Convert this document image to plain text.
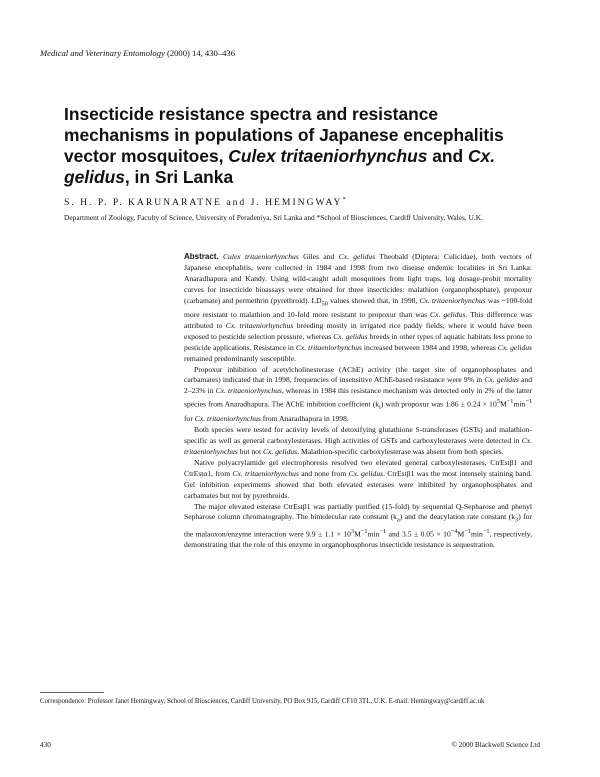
Medical and Veterinary Entomology (2000) 14, 430–436
Insecticide resistance spectra and resistance mechanisms in populations of Japanese encephalitis vector mosquitoes, Culex tritaeniorhynchus and Cx. gelidus, in Sri Lanka
S. H. P. P. KARUNARATNE and J. HEMINGWAY*
Department of Zoology, Faculty of Science, University of Peradeniya, Sri Lanka and *School of Biosciences, Cardiff University, Wales, U.K.

Abstract. Culex tritaeniorhynchus Giles and Cx. gelidus Theobald (Diptera: Culicidae), both vectors of Japanese encephalitis, were collected in 1984 and 1998 from two disease endemic localities in Sri Lanka: Anaradhapura and Kandy. Using wild-caught adult mosquitoes from light traps, log dosage-probit mortality curves for insecticide bioassays were obtained for three insecticides: malathion (organophosphate), propoxur (carbamate) and permethrin (pyrethroid). $LD_{50}$ values showed that, in 1998, Cx. tritaeniorhynchus was ~100-fold more resistant to malathion and 10-fold more resistant to propoxur than was Cx. gelidus. This difference was attributed to Cx. tritaeniorhynchus breeding mostly in irrigated rice paddy fields, where it would have been exposed to pesticide selection pressure, whereas Cx. gelidus breeds in other types of aquatic habitats less prone to pesticide applications. Resistance in Cx. tritaeniorhynchus increased between 1984 and 1998, whereas Cx. gelidus remained predominantly susceptible.

Propoxur inhibition of acetylcholinesterase (AChE) activity (the target site of organophosphates and carbamates) indicated that in 1998, frequencies of insensitive AChE-based resistance were 9% in Cx. gelidus and 2–23% in Cx. tritaeniorhynchus, whereas in 1984 this resistance mechanism was detected only in 2% of the latter species from Anaradhapura. The AChE inhibition coefficient $(k_i)$ with propoxur was $1.86 \pm 0.24 \times 10^5M^{-1}\min^{-1}$ for Cx. tritaeniorhynchus from Anaradhapura in 1998.

Both species were tested for activity levels of detoxifying glutathione S-transferases (GSTs) and malathion-specific as well as general carboxylesterases. High activities of GSTs and carboxylesterases were detected in Cx. tritaeniorhynchus but not Cx. gelidus. Malathion-specific carboxylesterase was absent from both species.

Native polyacrylamide gel electrophoresis resolved two elevated general carboxylesterases, CtrEstβ1 and CtrEstα1, from Cx. tritaeniorhynchus and none from Cx. gelidus. CtrEstβ1 was the most intensely staining band. Gel inhibition experiments showed that both elevated esterases were inhibited by organophosphates and carbamates but not by pyrethroids.

The major elevated esterase CtrEstβ1 was partially purified (15-fold) by sequential Q-Sepharose and phenyl Sepharose column chromatography. The bimolecular rate constant $(k_a)$ and the deacylation rate constant $(k_3)$ for the malaoxon/enzyme interaction were $9.9 \pm 1.1 \times 10^3M^{-1}\min^{-1}$ and $3.5 \pm 0.05 \times 10^{-4}M^{-1}\min^{-1}$, respectively, demonstrating that the role of this enzyme in organophosphorus insecticide resistance is sequestration.

Correspondence: Professor Janet Hemingway, School of Biosciences, Cardiff University, PO Box 915, Cardiff CF10 3TL, U.K. E-mail: Hemingway@cardiff.ac.uk
430	© 2000 Blackwell Science Ltd
